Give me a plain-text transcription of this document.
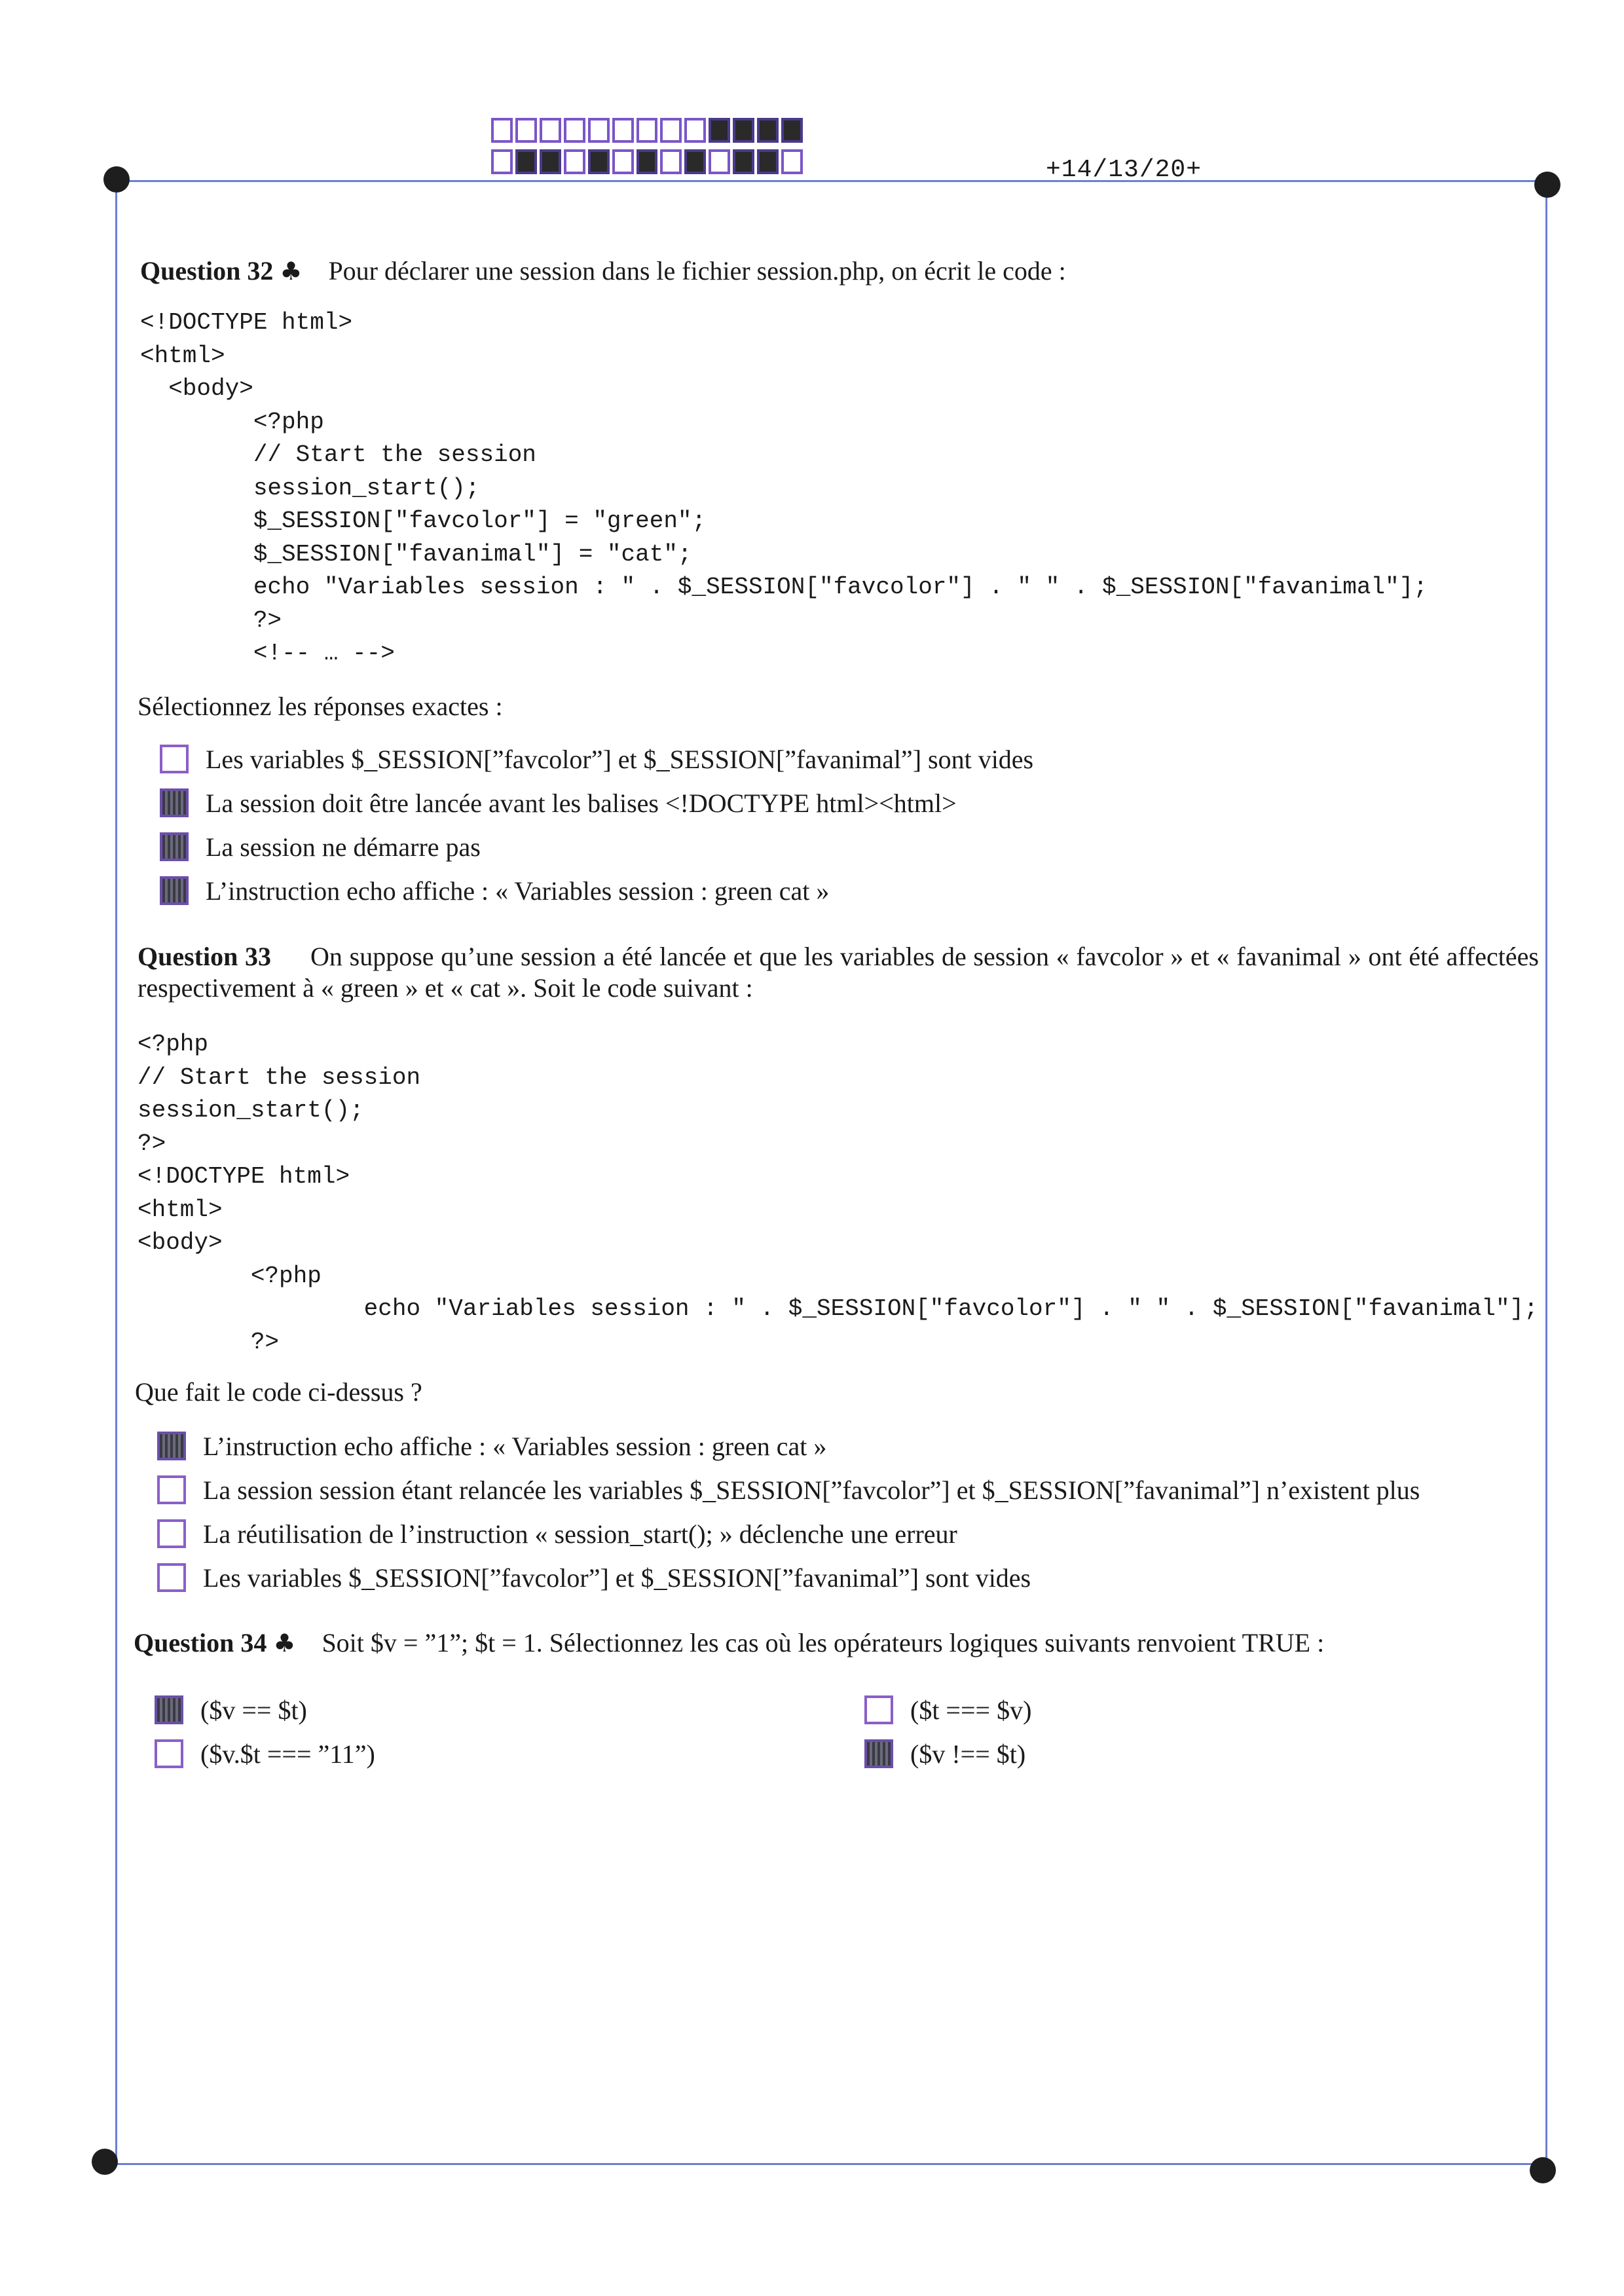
+14/13/20+
Question 32 ♣ Pour déclarer une session dans le fichier session.php, on écrit le code :
<!DOCTYPE html>
<html>
<body>
<?php
// Start the session
session_start();
$_SESSION["favcolor"] = "green";
$_SESSION["favanimal"] = "cat";
echo "Variables session : " . $_SESSION["favcolor"] . " " . $_SESSION["favanimal"];
?>
<!-- … -->
Sélectionnez les réponses exactes :
Les variables $_SESSION[”favcolor”] et $_SESSION[”favanimal”] sont vides
La session doit être lancée avant les balises <!DOCTYPE html><html>
La session ne démarre pas
L’instruction echo affiche : « Variables session : green cat »
Question 33 On suppose qu’une session a été lancée et que les variables de session « favcolor » et « favanimal » ont été affectées respectivement à « green » et « cat ». Soit le code suivant :
<?php
// Start the session
session_start();
?>
<!DOCTYPE html>
<html>
<body>
<?php
echo "Variables session : " . $_SESSION["favcolor"] . " " . $_SESSION["favanimal"];
?>
Que fait le code ci-dessus ?
L’instruction echo affiche : « Variables session : green cat »
La session session étant relancée les variables $_SESSION[”favcolor”] et $_SESSION[”favanimal”] n’existent plus
La réutilisation de l’instruction « session_start(); » déclenche une erreur
Les variables $_SESSION[”favcolor”] et $_SESSION[”favanimal”] sont vides
Question 34 ♣ Soit $v = ”1”; $t = 1. Sélectionnez les cas où les opérateurs logiques suivants renvoient TRUE :
($v == $t)	($t === $v)
($v.$t === ”11”)	($v !== $t)
